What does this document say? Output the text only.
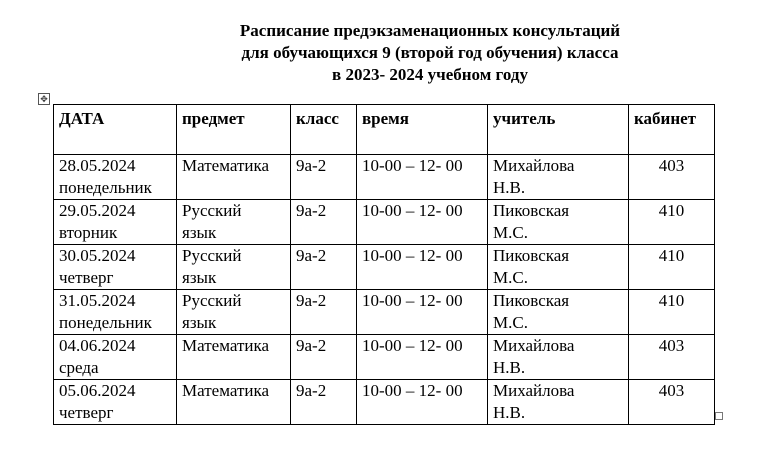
Расписание предэкзаменационных консультаций
для обучающихся 9 (второй год обучения) класса
в 2023- 2024 учебном году
✥
ДАТА	предмет	класс	время	учитель	кабинет

28.05.2024
понедельник	Математика	9а-2	10-00 – 12- 00	Михайлова
Н.В.	403

29.05.2024
вторник	Русский
язык	9а-2	10-00 – 12- 00	Пиковская
М.С.	410

30.05.2024
четверг	Русский
язык	9а-2	10-00 – 12- 00	Пиковская
М.С.	410

31.05.2024
понедельник	Русский
язык	9а-2	10-00 – 12- 00	Пиковская
М.С.	410

04.06.2024
среда	Математика	9а-2	10-00 – 12- 00	Михайлова
Н.В.	403

05.06.2024
четверг	Математика	9а-2	10-00 – 12- 00	Михайлова
Н.В.	403
